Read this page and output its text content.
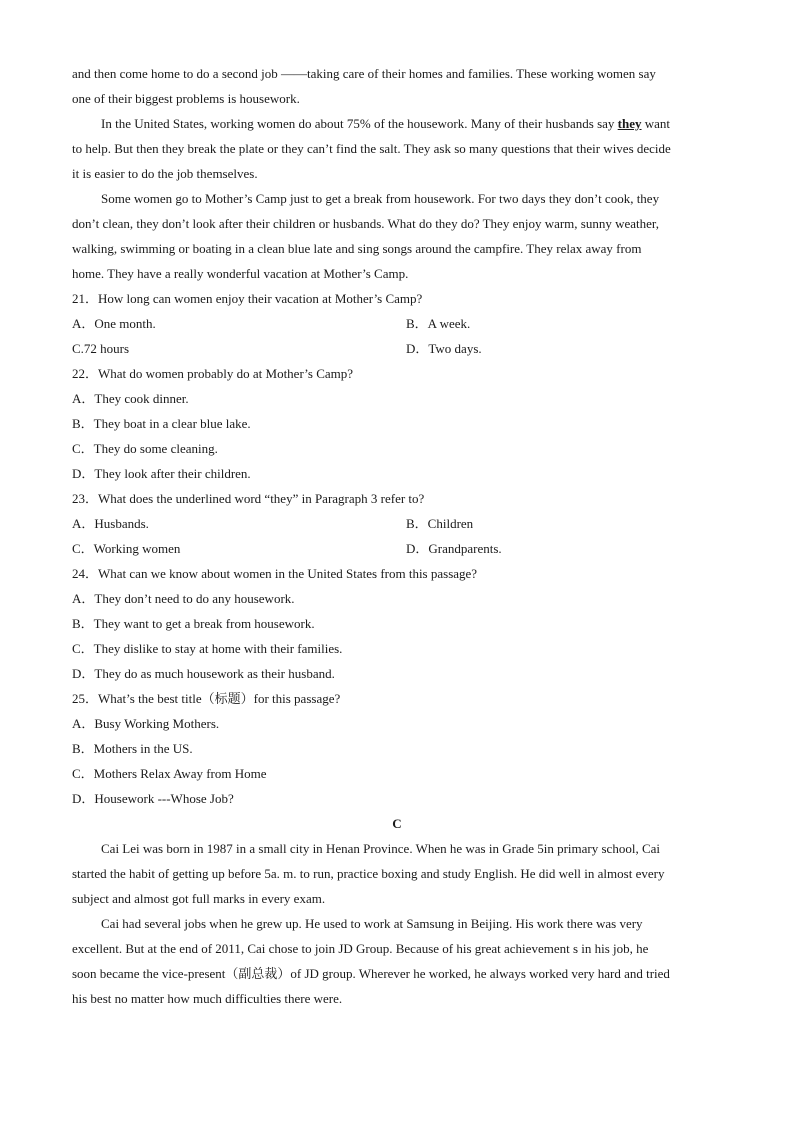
and then come home to do a second job ——taking care of their homes and families. These working women say
one of their biggest problems is housework.
In the United States, working women do about 75% of the housework. Many of their husbands say they want
to help. But then they break the plate or they can’t find the salt. They ask so many questions that their wives decide
it is easier to do the job themselves.
Some women go to Mother’s Camp just to get a break from housework. For two days they don’t cook, they
don’t clean, they don’t look after their children or husbands. What do they do? They enjoy warm, sunny weather,
walking, swimming or boating in a clean blue late and sing songs around the campfire. They relax away from
home. They have a really wonderful vacation at Mother’s Camp.
21．How long can women enjoy their vacation at Mother’s Camp?
A．One month.	B．A week.
C.72 hours	D．Two days.
22．What do women probably do at Mother’s Camp?
A．They cook dinner.
B．They boat in a clear blue lake.
C．They do some cleaning.
D．They look after their children.
23．What does the underlined word “they” in Paragraph 3 refer to?
A．Husbands.	B．Children
C．Working women	D．Grandparents.
24．What can we know about women in the United States from this passage?
A．They don’t need to do any housework.
B．They want to get a break from housework.
C．They dislike to stay at home with their families.
D．They do as much housework as their husband.
25．What’s the best title（标题）for this passage?
A．Busy Working Mothers.
B．Mothers in the US.
C．Mothers Relax Away from Home
D．Housework ---Whose Job?
C
Cai Lei was born in 1987 in a small city in Henan Province. When he was in Grade 5in primary school, Cai
started the habit of getting up before 5a. m. to run, practice boxing and study English. He did well in almost every
subject and almost got full marks in every exam.
Cai had several jobs when he grew up. He used to work at Samsung in Beijing. His work there was very
excellent. But at the end of 2011, Cai chose to join JD Group. Because of his great achievement s in his job, he
soon became the vice-present（副总裁）of JD group. Wherever he worked, he always worked very hard and tried
his best no matter how much difficulties there were.
